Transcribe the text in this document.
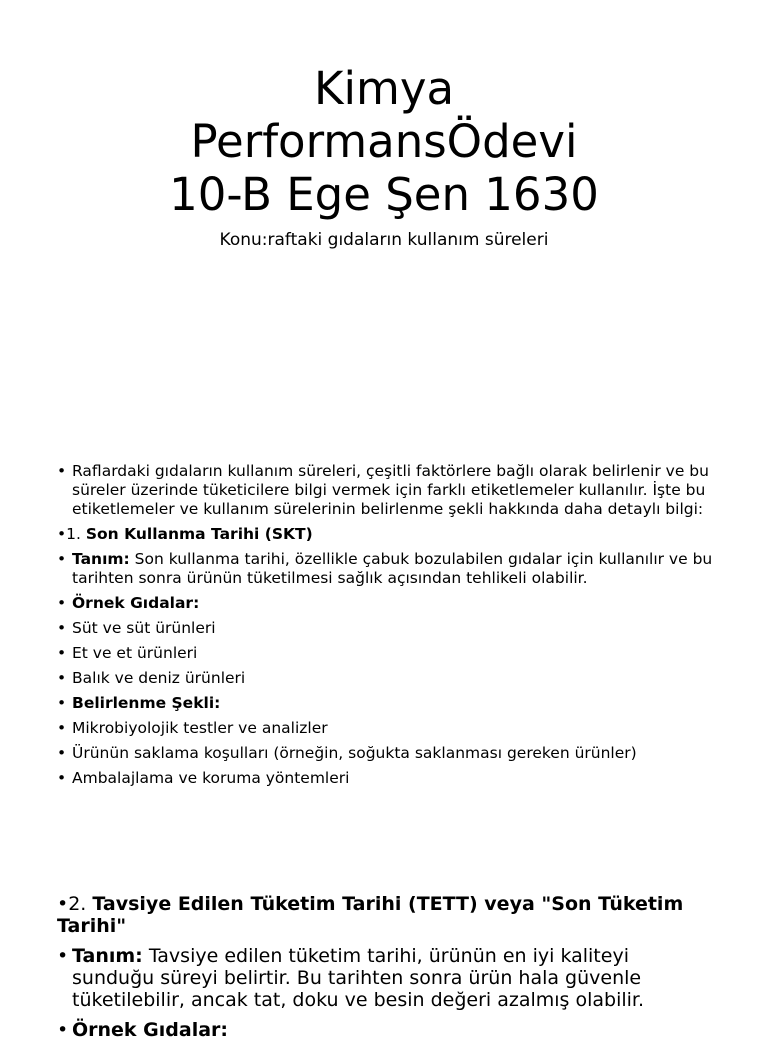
Kimya
PerformansÖdevi
10-B Ege Şen 1630
Konu:raftaki gıdaların kullanım süreleri
• Raflardaki gıdaların kullanım süreleri, çeşitli faktörlere bağlı olarak belirlenir ve bu süreler üzerinde tüketicilere bilgi vermek için farklı etiketlemeler kullanılır. İşte bu etiketlemeler ve kullanım sürelerinin belirlenme şekli hakkında daha detaylı bilgi:
•1. Son Kullanma Tarihi (SKT)
• Tanım: Son kullanma tarihi, özellikle çabuk bozulabilen gıdalar için kullanılır ve bu tarihten sonra ürünün tüketilmesi sağlık açısından tehlikeli olabilir.
• Örnek Gıdalar:
• Süt ve süt ürünleri
• Et ve et ürünleri
• Balık ve deniz ürünleri
• Belirlenme Şekli:
• Mikrobiyolojik testler ve analizler
• Ürünün saklama koşulları (örneğin, soğukta saklanması gereken ürünler)
• Ambalajlama ve koruma yöntemleri
•2. Tavsiye Edilen Tüketim Tarihi (TETT) veya "Son Tüketim Tarihi"
• Tanım: Tavsiye edilen tüketim tarihi, ürünün en iyi kaliteyi sunduğu süreyi belirtir. Bu tarihten sonra ürün hala güvenle tüketilebilir, ancak tat, doku ve besin değeri azalmış olabilir.
• Örnek Gıdalar:
